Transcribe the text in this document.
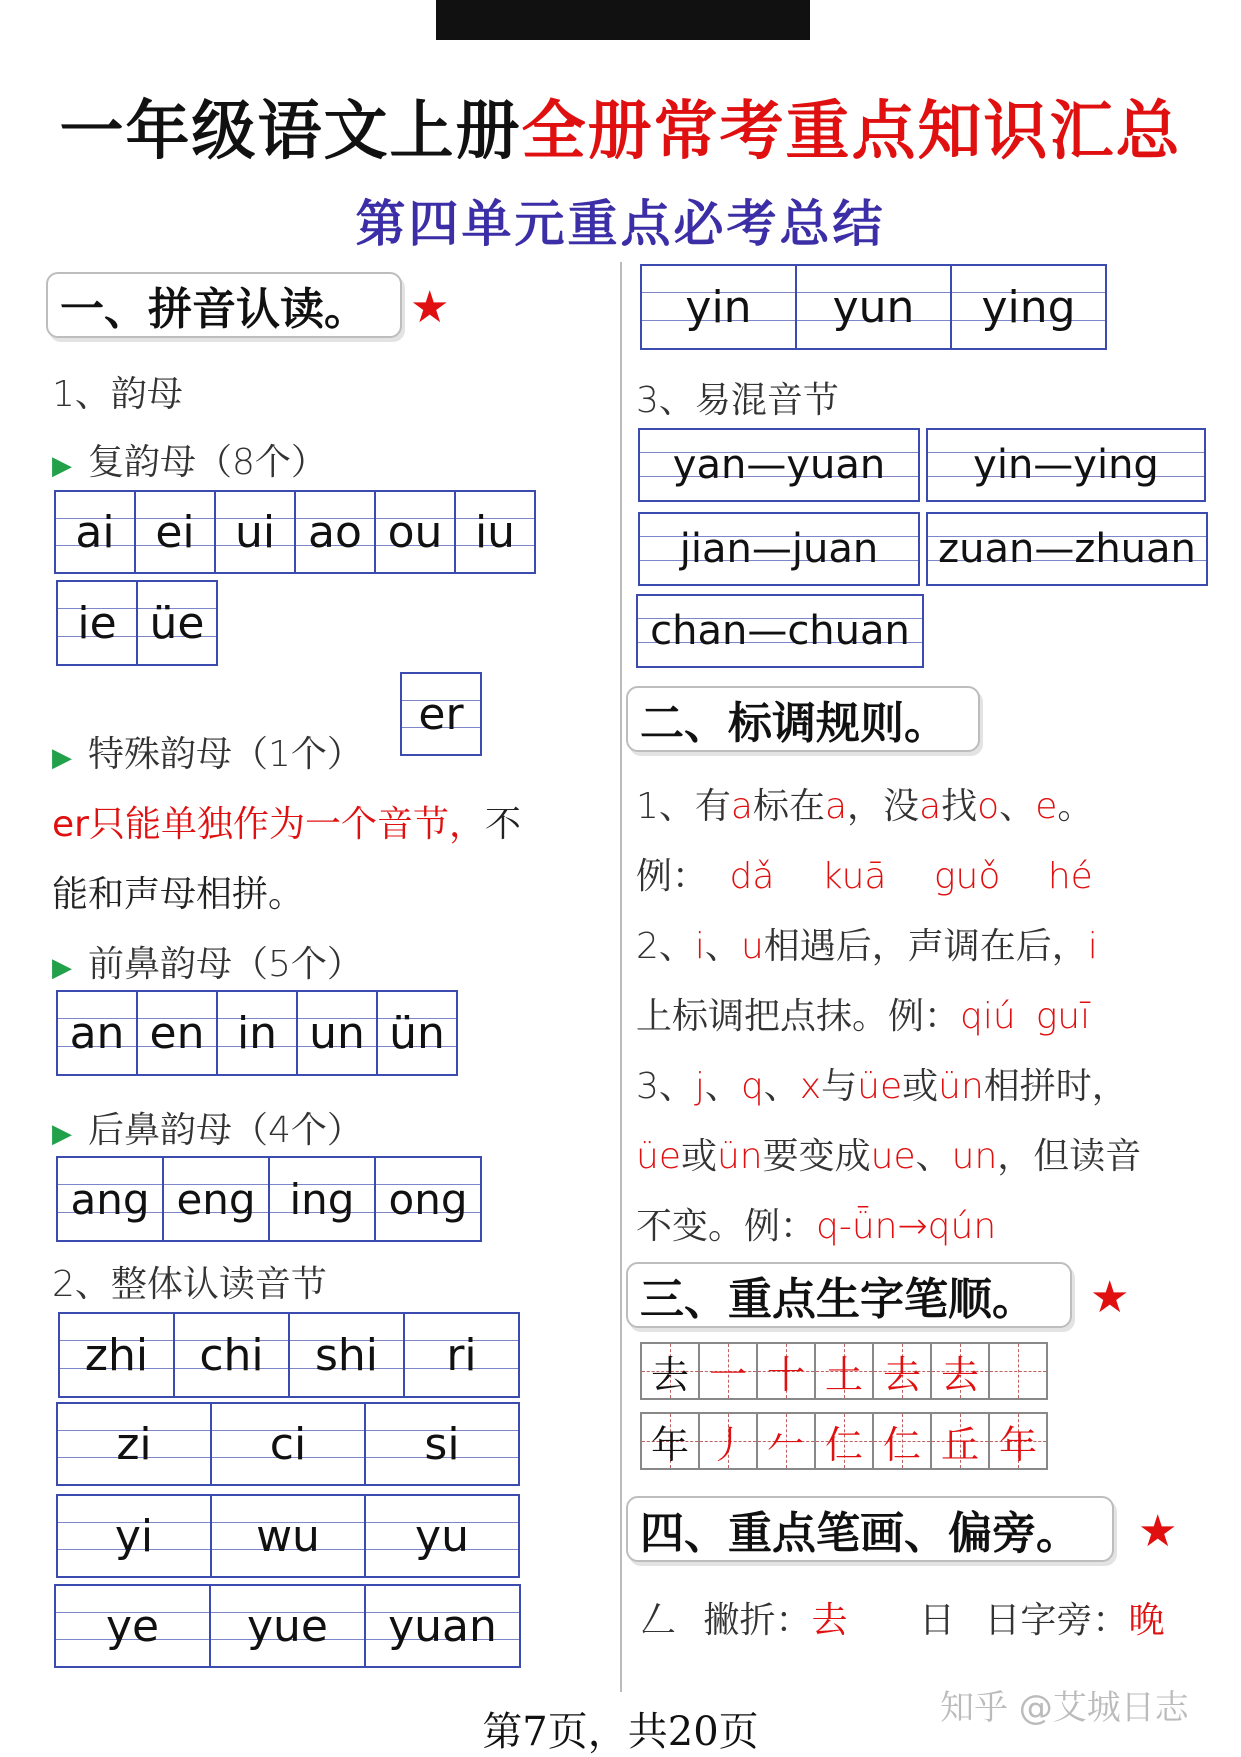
一年级语文上册全册常考重点知识汇总
第四单元重点必考总结
一、拼音认读。 ★
1、韵母
▶ 复韵母（8个）
ai ei ui ao ou iu
ie üe
er
▶ 特殊韵母（1个）
er只能单独作为一个音节，不
能和声母相拼。
▶ 前鼻韵母（5个）
an en in un ün
▶ 后鼻韵母（4个）
ang eng ing ong
2、整体认读音节
zhi chi shi ri
zi	ci	si
yi wu yu
ye yue yuan
yin yun ying
3、易混音节
yan—yuan yin—ying
jian—juan zuan—zhuan
chan—chuan
二、标调规则。
1、有a标在a，没a找o、e。
例： dǎ kuā guǒ hé
2、i、u相遇后，声调在后，i
上标调把点抹。例：qiú guī
3、j、q、x与üe或ün相拼时，
üe或ün要变成ue、un，但读音
不变。例：q-ǖn→qún
三、重点生字笔顺。 ★
去 一 十 土 去 去
年 丿 𠂉 仁 仁 丘 年
四、重点笔画、偏旁。 ★
𠃋 撇折：去 日 日字旁：晚
第7页，共20页
知乎 @艾城日志
